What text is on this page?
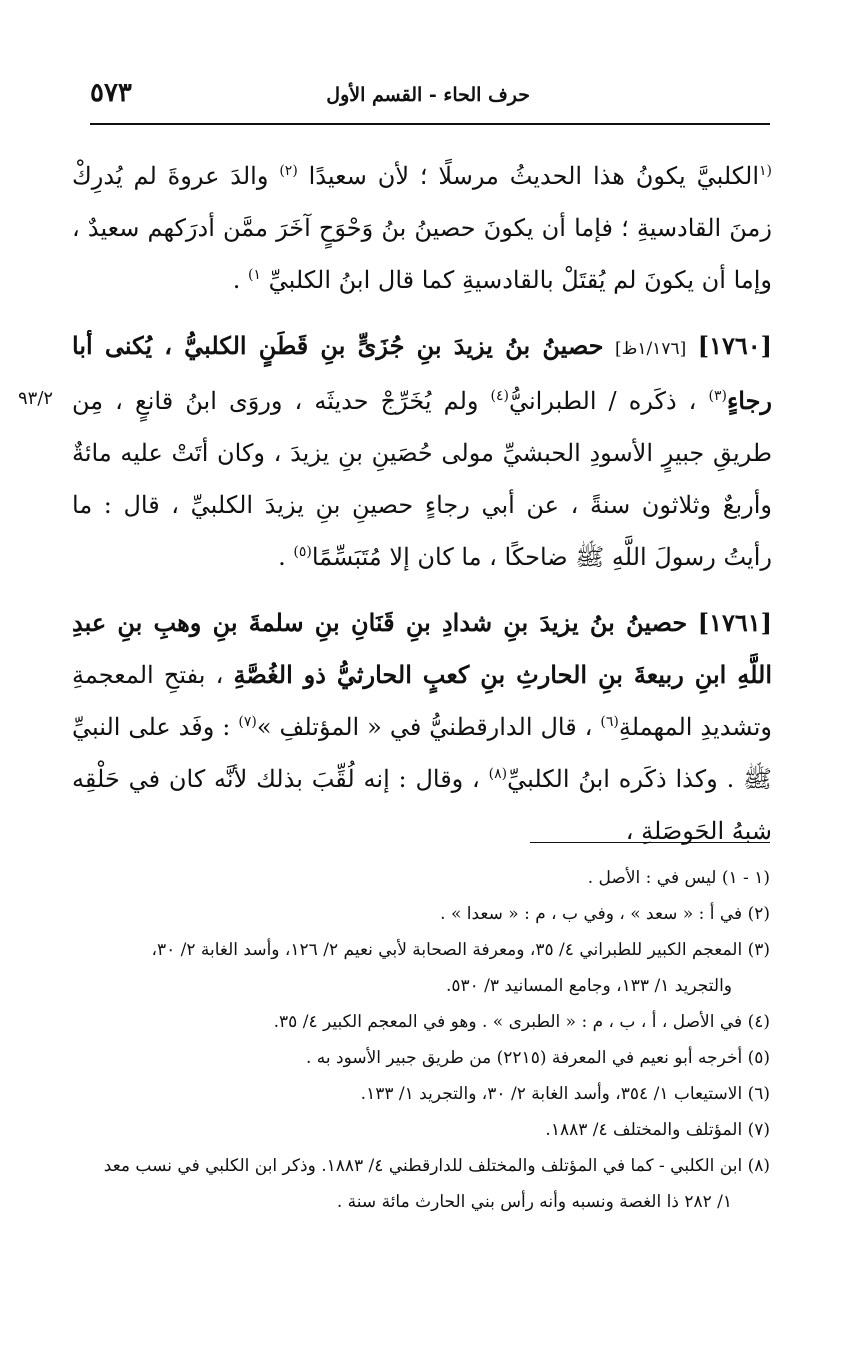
حرف الحاء - القسم الأول
٥٧٣
٩٣/٢

$^{(١}$الكلبيَّ يكونُ هذا الحديثُ مرسلًا ؛ لأن سعيدًا $^{(٢)}$ والدَ عروةَ لم يُدرِكْ زمنَ القادسيةِ ؛ فإما أن يكونَ حصينُ بنُ وَحْوَحٍ آخَرَ ممَّن أدرَكهم سعيدٌ ، وإما أن يكونَ لم يُقتَلْ بالقادسيةِ كما قال ابنُ الكلبيِّ $^{١)}$ .

[١٧٦٠] [١/١٧٦ظ] حصينُ بنُ يزيدَ بنِ جُزَىٍّ بنِ قَطَنٍ الكلبيُّ ، يُكنى أبا رجاءٍ$^{(٣)}$ ، ذكَره / الطبرانيُّ$^{(٤)}$ ولم يُخَرِّجْ حديثَه ، وروَى ابنُ قانعٍ ، مِن طريقِ جبيرٍ الأسودِ الحبشيِّ مولى حُصَينِ بنِ يزيدَ ، وكان أتَتْ عليه مائةٌ وأربعٌ وثلاثون سنةً ، عن أبي رجاءٍ حصينِ بنِ يزيدَ الكلبيِّ ، قال : ما رأيتُ رسولَ اللَّهِ ﷺ ضاحكًا ، ما كان إلا مُتَبَسِّمًا$^{(٥)}$ .

[١٧٦١] حصينُ بنُ يزيدَ بنِ شدادِ بنِ قَنَانِ بنِ سلمةَ بنِ وهبِ بنِ عبدِ اللَّهِ ابنِ ربيعةَ بنِ الحارثِ بنِ كعبٍ الحارثيُّ ذو الغُصَّةِ ، بفتحِ المعجمةِ وتشديدِ المهملةِ$^{(٦)}$ ، قال الدارقطنيُّ في « المؤتلفِ »$^{(٧)}$ : وفَد على النبيِّ ﷺ . وكذا ذكَره ابنُ الكلبيِّ$^{(٨)}$ ، وقال : إنه لُقِّبَ بذلك لأنَّه كان في حَلْقِه شبهُ الحَوصَلةِ ،

(١ - ١) ليس في : الأصل .

(٢) في أ : « سعد » ، وفي ب ، م : « سعدا » .

(٣) المعجم الكبير للطبراني ٤/ ٣٥، ومعرفة الصحابة لأبي نعيم ٢/ ١٢٦، وأسد الغابة ٢/ ٣٠،

والتجريد ١/ ١٣٣، وجامع المسانيد ٣/ ٥٣٠.

(٤) في الأصل ، أ ، ب ، م : « الطبرى » . وهو في المعجم الكبير ٤/ ٣٥.

(٥) أخرجه أبو نعيم في المعرفة (٢٢١٥) من طريق جبير الأسود به .

(٦) الاستيعاب ١/ ٣٥٤، وأسد الغابة ٢/ ٣٠، والتجريد ١/ ١٣٣.

(٧) المؤتلف والمختلف ٤/ ١٨٨٣.

(٨) ابن الكلبي - كما في المؤتلف والمختلف للدارقطني ٤/ ١٨٨٣. وذكر ابن الكلبي في نسب معد

١/ ٢٨٢ ذا الغصة ونسبه وأنه رأس بني الحارث مائة سنة .
